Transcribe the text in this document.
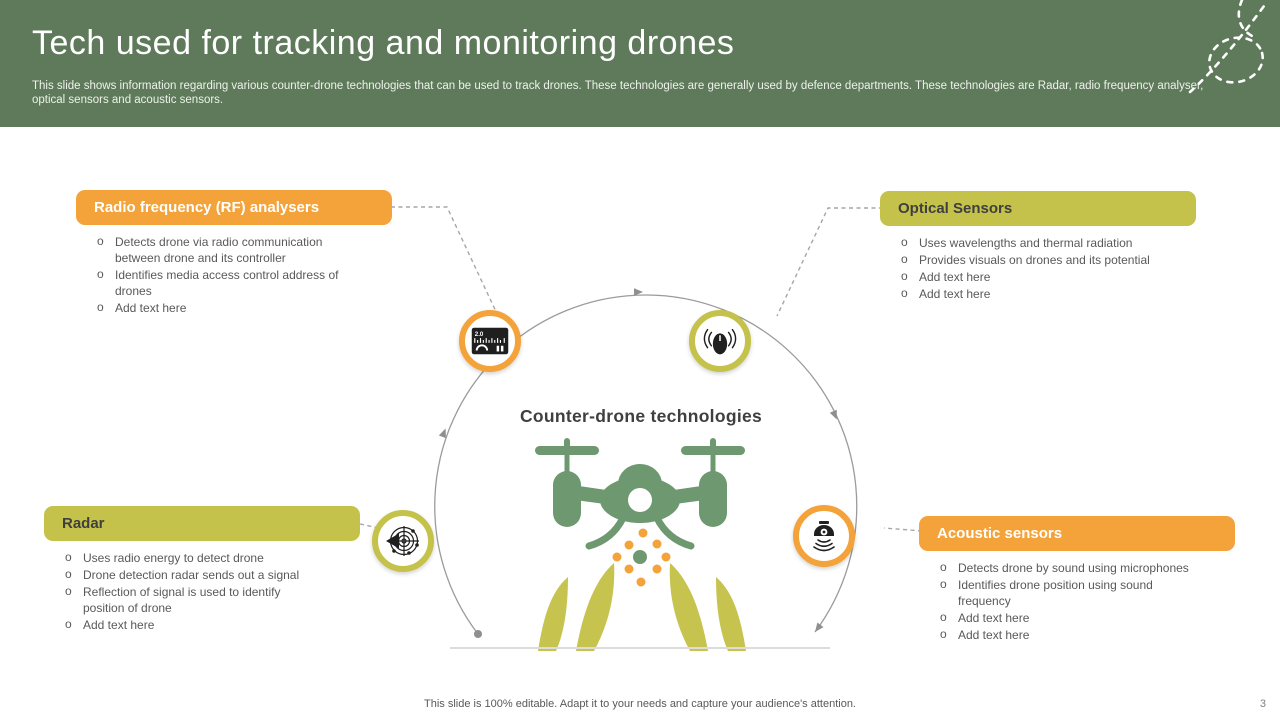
Tech used for tracking and monitoring drones

This slide shows information regarding various counter-drone technologies that can be used to track drones. These technologies are generally used by defence departments. These technologies are Radar, radio frequency analyser, optical sensors and acoustic sensors.

Counter-drone technologies
2.0
Radio frequency (RF) analysers
o Detects drone via radio communication between drone and its controller
o Identifies media access control address of drones
o Add text here
Optical Sensors
o Uses wavelengths and thermal radiation
o Provides visuals on drones and its potential
o Add text here
o Add text here
Radar
o Uses radio energy to detect drone
o Drone detection radar sends out a signal
o Reflection of signal is used to identify position of drone
o Add text here
Acoustic sensors
o Detects drone by sound using microphones
o Identifies drone position using sound frequency
o Add text here
o Add text here
This slide is 100% editable. Adapt it to your needs and capture your audience's attention.	3
